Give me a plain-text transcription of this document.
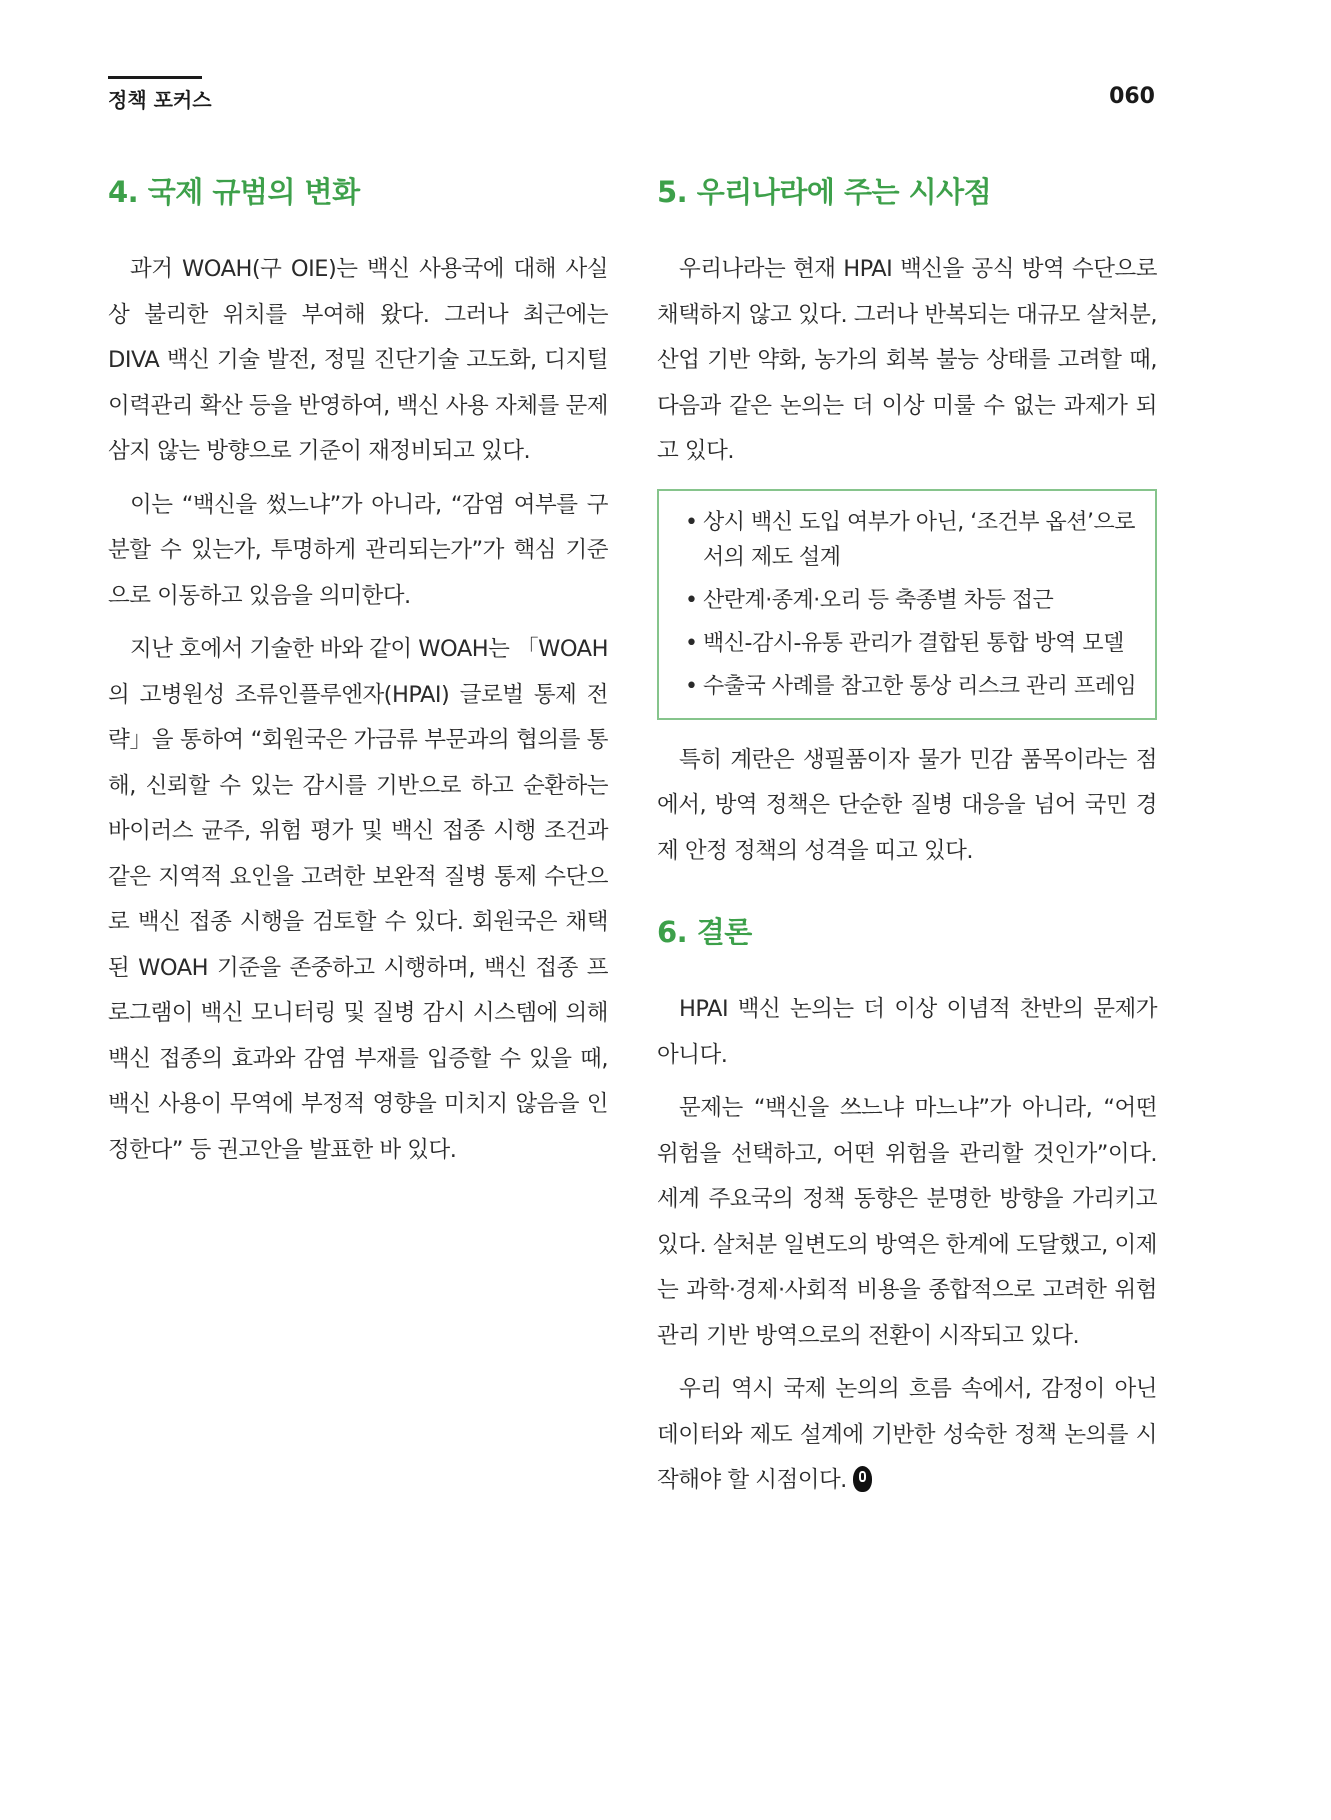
정책 포커스	060
4. 국제 규범의 변화

과거 WOAH(구 OIE)는 백신 사용국에 대해 사실상 불리한 위치를 부여해 왔다. 그러나 최근에는 DIVA 백신 기술 발전, 정밀 진단기술 고도화, 디지털 이력관리 확산 등을 반영하여, 백신 사용 자체를 문제 삼지 않는 방향으로 기준이 재정비되고 있다.

이는 “백신을 썼느냐”가 아니라, “감염 여부를 구분할 수 있는가, 투명하게 관리되는가”가 핵심 기준으로 이동하고 있음을 의미한다.

지난 호에서 기술한 바와 같이 WOAH는 「WOAH의 고병원성 조류인플루엔자(HPAI) 글로벌 통제 전략」을 통하여 “회원국은 가금류 부문과의 협의를 통해, 신뢰할 수 있는 감시를 기반으로 하고 순환하는 바이러스 균주, 위험 평가 및 백신 접종 시행 조건과 같은 지역적 요인을 고려한 보완적 질병 통제 수단으로 백신 접종 시행을 검토할 수 있다. 회원국은 채택된 WOAH 기준을 존중하고 시행하며, 백신 접종 프로그램이 백신 모니터링 및 질병 감시 시스템에 의해 백신 접종의 효과와 감염 부재를 입증할 수 있을 때, 백신 사용이 무역에 부정적 영향을 미치지 않음을 인정한다” 등 권고안을 발표한 바 있다.

5. 우리나라에 주는 시사점

우리나라는 현재 HPAI 백신을 공식 방역 수단으로 채택하지 않고 있다. 그러나 반복되는 대규모 살처분, 산업 기반 약화, 농가의 회복 불능 상태를 고려할 때, 다음과 같은 논의는 더 이상 미룰 수 없는 과제가 되고 있다.

• 상시 백신 도입 여부가 아닌, ‘조건부 옵션’으로서의 제도 설계
• 산란계·종계·오리 등 축종별 차등 접근
• 백신-감시-유통 관리가 결합된 통합 방역 모델
• 수출국 사례를 참고한 통상 리스크 관리 프레임

특히 계란은 생필품이자 물가 민감 품목이라는 점에서, 방역 정책은 단순한 질병 대응을 넘어 국민 경제 안정 정책의 성격을 띠고 있다.

6. 결론

HPAI 백신 논의는 더 이상 이념적 찬반의 문제가 아니다.

문제는 “백신을 쓰느냐 마느냐”가 아니라, “어떤 위험을 선택하고, 어떤 위험을 관리할 것인가”이다. 세계 주요국의 정책 동향은 분명한 방향을 가리키고 있다. 살처분 일변도의 방역은 한계에 도달했고, 이제는 과학·경제·사회적 비용을 종합적으로 고려한 위험관리 기반 방역으로의 전환이 시작되고 있다.

우리 역시 국제 논의의 흐름 속에서, 감정이 아닌 데이터와 제도 설계에 기반한 성숙한 정책 논의를 시작해야 할 시점이다.
